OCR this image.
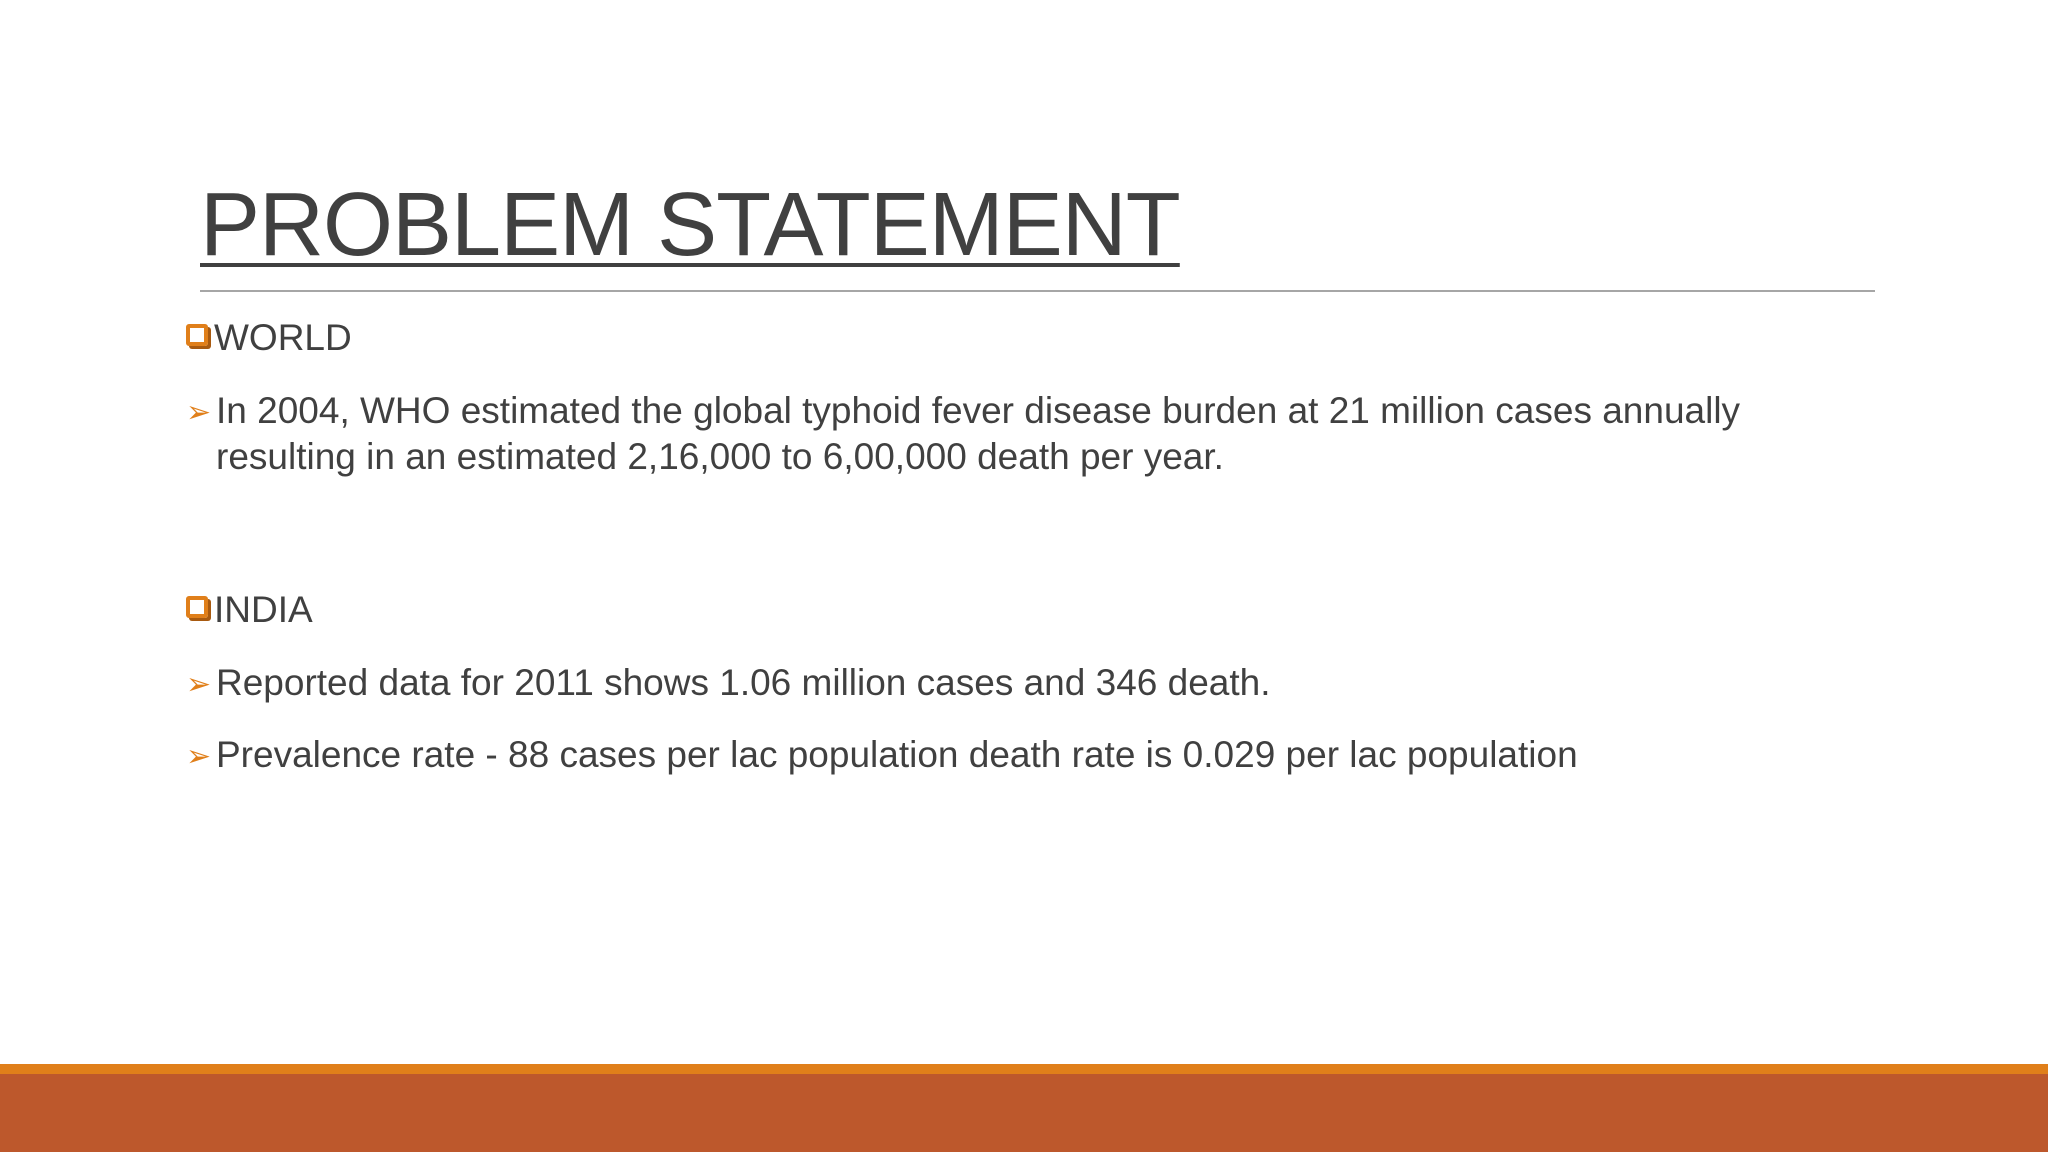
PROBLEM STATEMENT
WORLD
➢ In 2004, WHO estimated the global typhoid fever disease burden at 21 million cases annually resulting in an estimated 2,16,000 to 6,00,000 death per year.
INDIA
➢ Reported data for 2011 shows 1.06 million cases and 346 death.
➢ Prevalence rate - 88 cases per lac population death rate is 0.029 per lac population
